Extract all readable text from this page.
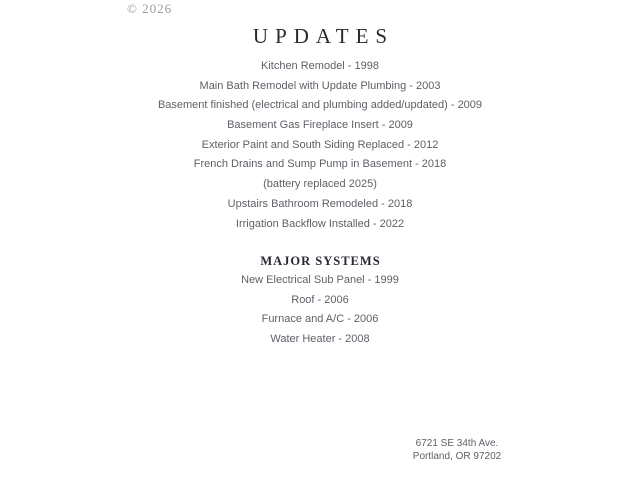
© 2026
UPDATES
Kitchen Remodel - 1998
Main Bath Remodel with Update Plumbing - 2003
Basement finished (electrical and plumbing added/updated) - 2009
Basement Gas Fireplace Insert - 2009
Exterior Paint and South Siding Replaced - 2012
French Drains and Sump Pump in Basement - 2018
(battery replaced 2025)
Upstairs Bathroom Remodeled - 2018
Irrigation Backflow Installed - 2022
MAJOR SYSTEMS
New Electrical Sub Panel - 1999
Roof - 2006
Furnace and A/C - 2006
Water Heater - 2008
6721 SE 34th Ave.
Portland, OR 97202
